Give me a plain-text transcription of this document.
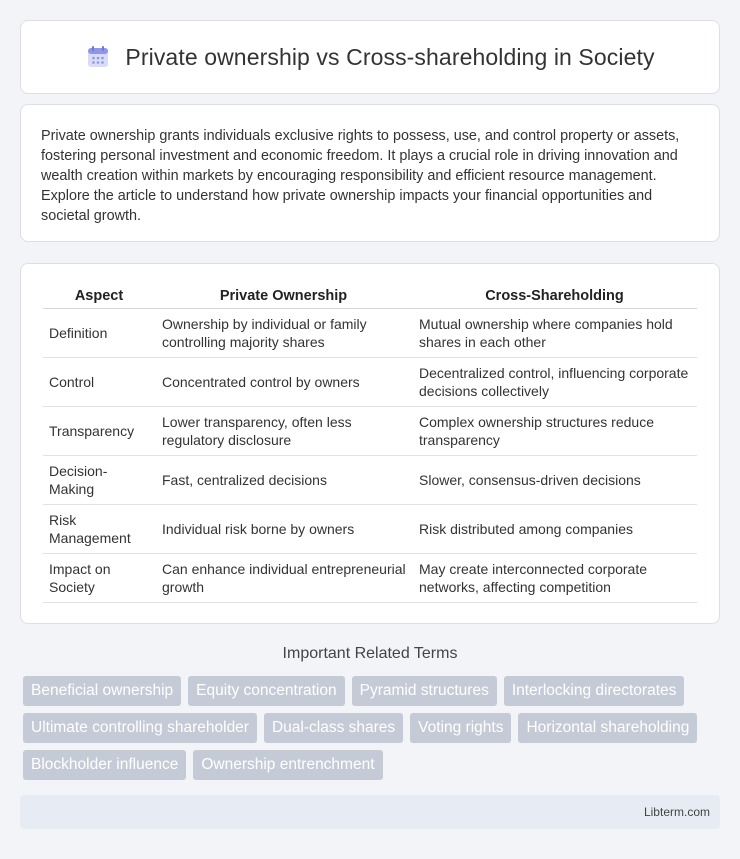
Private ownership vs Cross-shareholding in Society

Private ownership grants individuals exclusive rights to possess, use, and control property or assets, fostering personal investment and economic freedom. It plays a crucial role in driving innovation and wealth creation within markets by encouraging responsibility and efficient resource management. Explore the article to understand how private ownership impacts your financial opportunities and societal growth.

Aspect	Private Ownership	Cross-Shareholding
Definition	Ownership by individual or family controlling majority shares	Mutual ownership where companies hold shares in each other
Control	Concentrated control by owners	Decentralized control, influencing corporate decisions collectively
Transparency	Lower transparency, often less regulatory disclosure	Complex ownership structures reduce transparency
Decision-Making	Fast, centralized decisions	Slower, consensus-driven decisions
Risk Management	Individual risk borne by owners	Risk distributed among companies
Impact on Society	Can enhance individual entrepreneurial growth	May create interconnected corporate networks, affecting competition
Important Related Terms
Beneficial ownership	Equity concentration	Pyramid structures	Interlocking directorates
Ultimate controlling shareholder	Dual-class shares	Voting rights	Horizontal shareholding
Blockholder influence	Ownership entrenchment
Libterm.com
